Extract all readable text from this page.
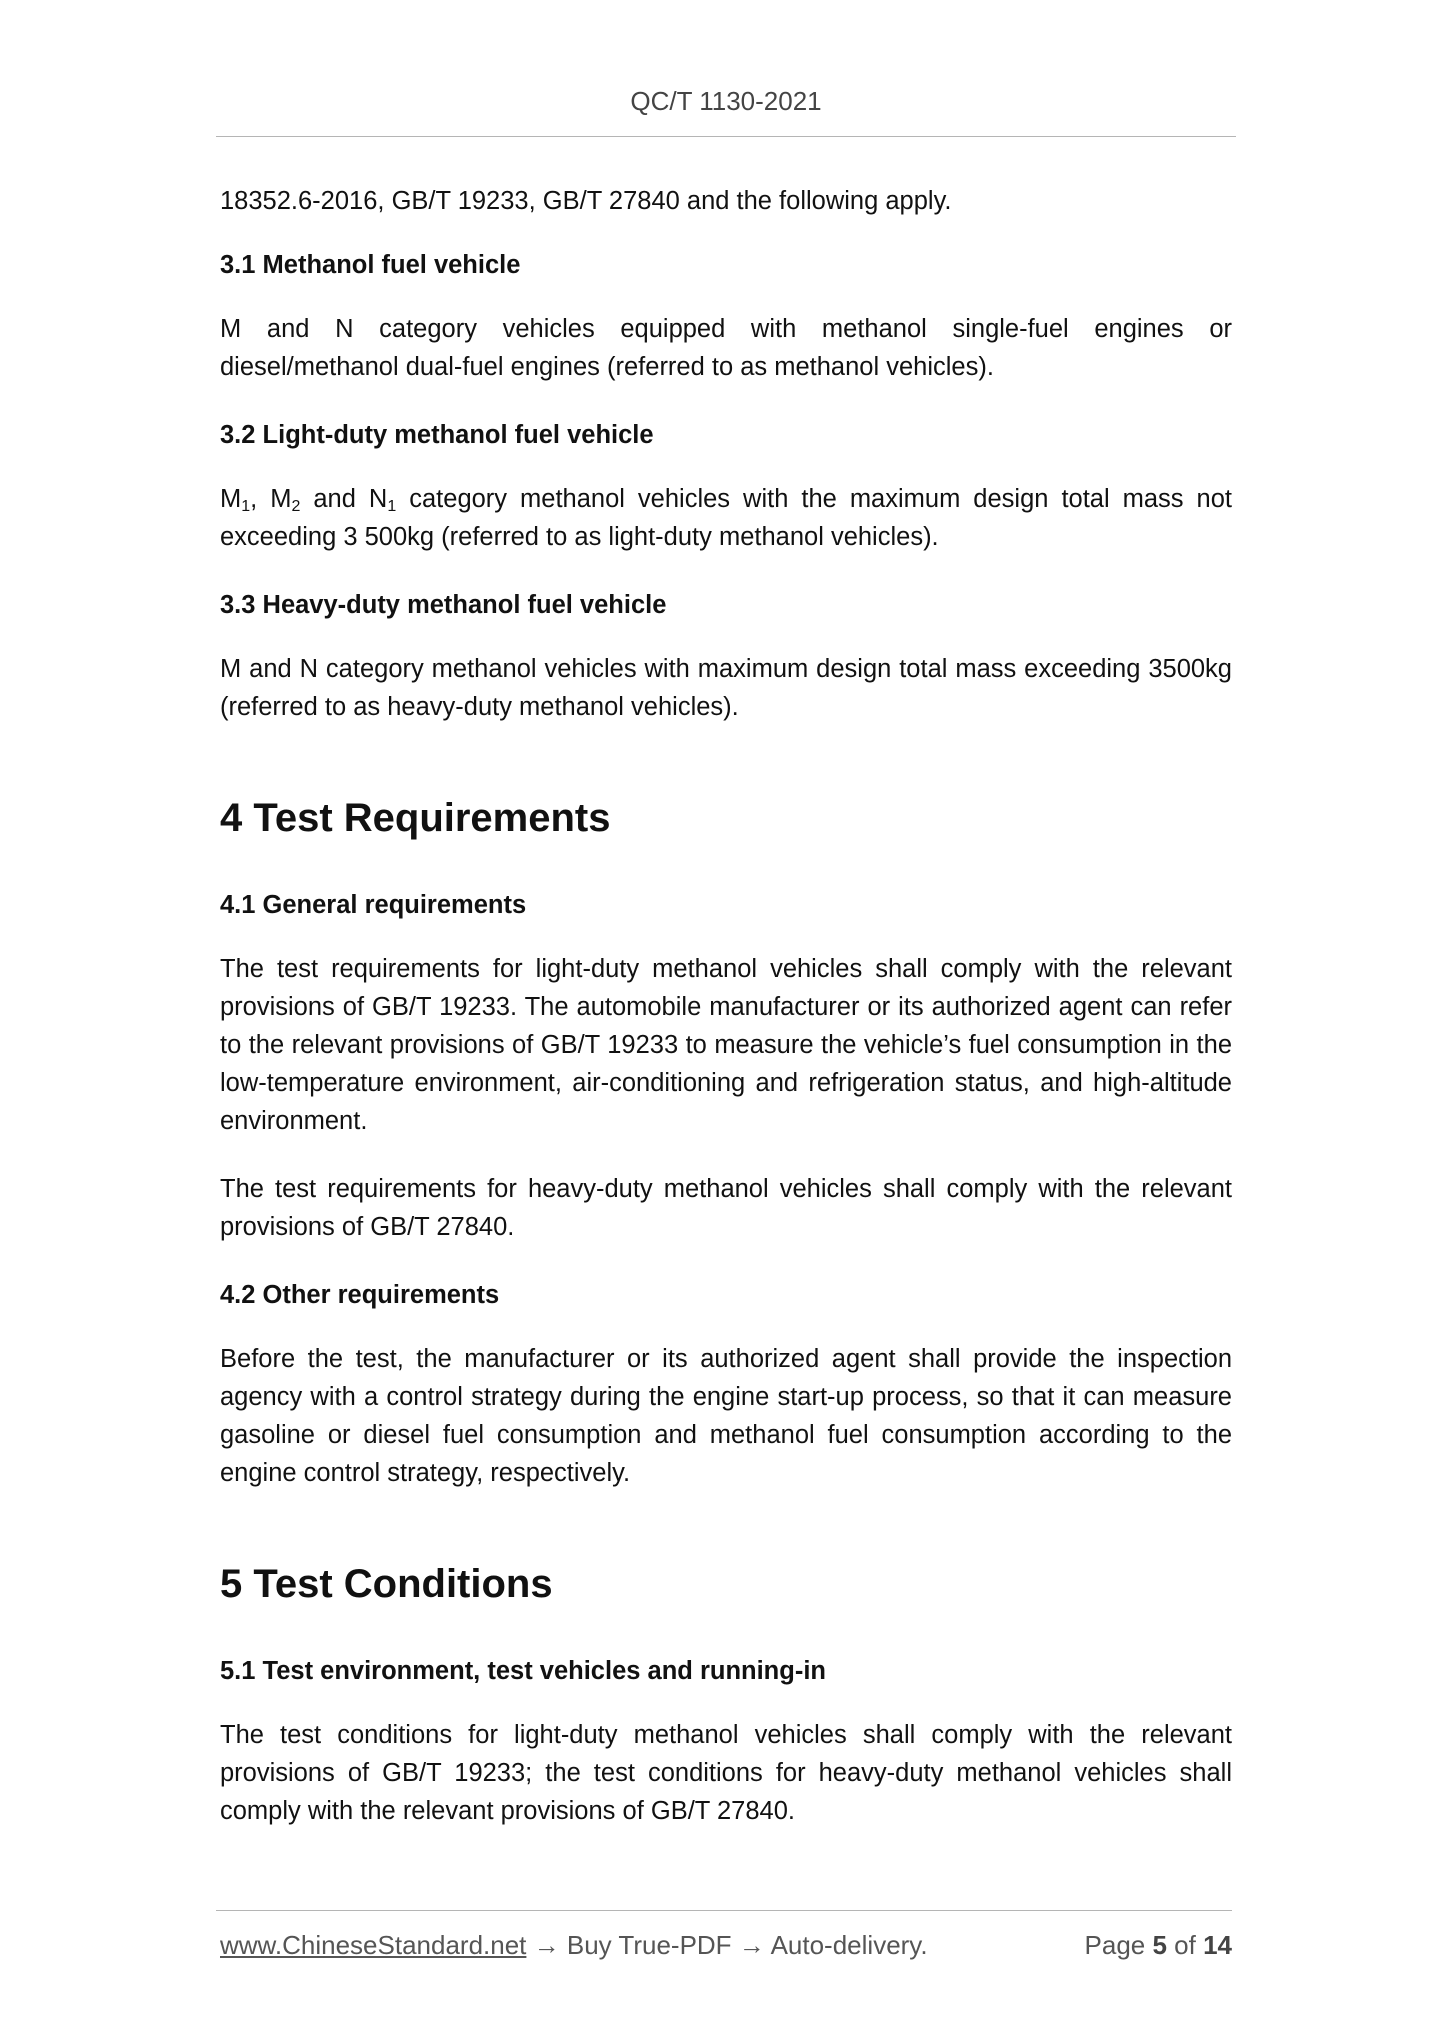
QC/T 1130-2021

18352.6-2016, GB/T 19233, GB/T 27840 and the following apply.

3.1 Methanol fuel vehicle

M and N category vehicles equipped with methanol single-fuel engines or diesel/methanol dual-fuel engines (referred to as methanol vehicles).

3.2 Light-duty methanol fuel vehicle

$M_1$, $M_2$ and $N_1$ category methanol vehicles with the maximum design total mass not exceeding 3 500kg (referred to as light-duty methanol vehicles).

3.3 Heavy-duty methanol fuel vehicle

M and N category methanol vehicles with maximum design total mass exceeding 3500kg (referred to as heavy-duty methanol vehicles).

4 Test Requirements

4.1 General requirements

The test requirements for light-duty methanol vehicles shall comply with the relevant provisions of GB/T 19233. The automobile manufacturer or its authorized agent can refer to the relevant provisions of GB/T 19233 to measure the vehicle’s fuel consumption in the low-temperature environment, air-conditioning and refrigeration status, and high-altitude environment.

The test requirements for heavy-duty methanol vehicles shall comply with the relevant provisions of GB/T 27840.

4.2 Other requirements

Before the test, the manufacturer or its authorized agent shall provide the inspection agency with a control strategy during the engine start-up process, so that it can measure gasoline or diesel fuel consumption and methanol fuel consumption according to the engine control strategy, respectively.

5 Test Conditions

5.1 Test environment, test vehicles and running-in

The test conditions for light-duty methanol vehicles shall comply with the relevant provisions of GB/T 19233; the test conditions for heavy-duty methanol vehicles shall comply with the relevant provisions of GB/T 27840.

www.ChineseStandard.net → Buy True-PDF → Auto-delivery.	Page 5 of 14
